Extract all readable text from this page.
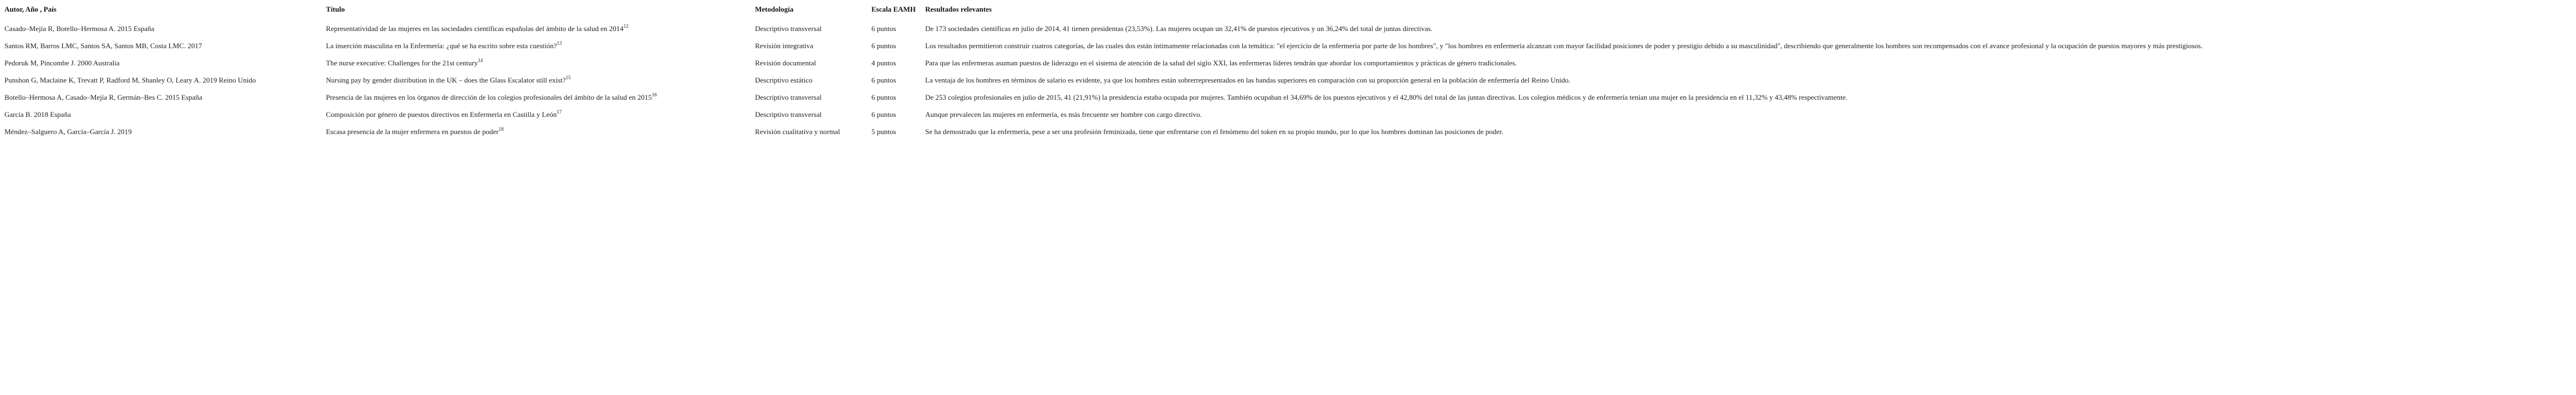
Autor, Año , País	Título	Metodología	Escala EAMH	Resultados relevantes
Casado–Mejía R, Botello–Hermosa A. 2015 España	Representatividad de las mujeres en las sociedades científicas españolas del ámbito de la salud en 2014$^{12}$	Descriptivo transversal	6 puntos	De 173 sociedades científicas en julio de 2014, 41 tienen presidentas (23,53%). Las mujeres ocupan un 32,41% de puestos ejecutivos y un 36,24% del total de juntas directivas.
Santos RM, Barros LMC, Santos SA, Santos MB, Costa LMC. 2017	La inserción masculina en la Enfermería: ¿qué se ha escrito sobre esta cuestión?$^{13}$	Revisión integrativa	6 puntos	Los resultados permitieron construir cuatros categorías, de las cuales dos están íntimamente relacionadas con la temática: "el ejercicio de la enfermería por parte de los hombres", y "los hombres en enfermería alcanzan con mayor facilidad posiciones de poder y prestigio debido a su masculinidad", describiendo que generalmente los hombres son recompensados con el avance profesional y la ocupación de puestos mayores y más prestigiosos.
Pedoruk M, Pincombe J. 2000 Australia	The nurse executive: Challenges for the 21st century$^{14}$	Revisión documental	4 puntos	Para que las enfermeras asuman puestos de liderazgo en el sistema de atención de la salud del siglo XXI, las enfermeras líderes tendrán que abordar los comportamientos y prácticas de género tradicionales.
Punshon G, Maclaine K, Trevatt P, Radford M, Shanley O, Leary A. 2019 Reino Unido	Nursing pay by gender distribution in the UK – does the Glass Escalator still exist?$^{15}$	Descriptivo estático	6 puntos	La ventaja de los hombres en términos de salario es evidente, ya que los hombres están sobrerrepresentados en las bandas superiores en comparación con su proporción general en la población de enfermería del Reino Unido.
Botello–Hermosa A, Casado–Mejía R, Germán–Bes C. 2015 España	Presencia de las mujeres en los órganos de dirección de los colegios profesionales del ámbito de la salud en 2015$^{16}$	Descriptivo transversal	6 puntos	De 253 colegios profesionales en julio de 2015, 41 (21,91%) la presidencia estaba ocupada por mujeres. También ocupaban el 34,69% de los puestos ejecutivos y el 42,80% del total de las juntas directivas. Los colegios médicos y de enfermería tenían una mujer en la presidencia en el 11,32% y 43,48% respectivamente.
García B. 2018 España	Composición por género de puestos directivos en Enfermería en Castilla y León$^{17}$	Descriptivo transversal	6 puntos	Aunque prevalecen las mujeres en enfermería, es más frecuente ser hombre con cargo directivo.
Méndez–Salguero A, García–García J. 2019	Escasa presencia de la mujer enfermera en puestos de poder$^{18}$	Revisión cualitativa y normal	5 puntos	Se ha demostrado que la enfermería, pese a ser una profesión feminizada, tiene que enfrentarse con el fenómeno del token en su propio mundo, por lo que los hombres dominan las posiciones de poder.
